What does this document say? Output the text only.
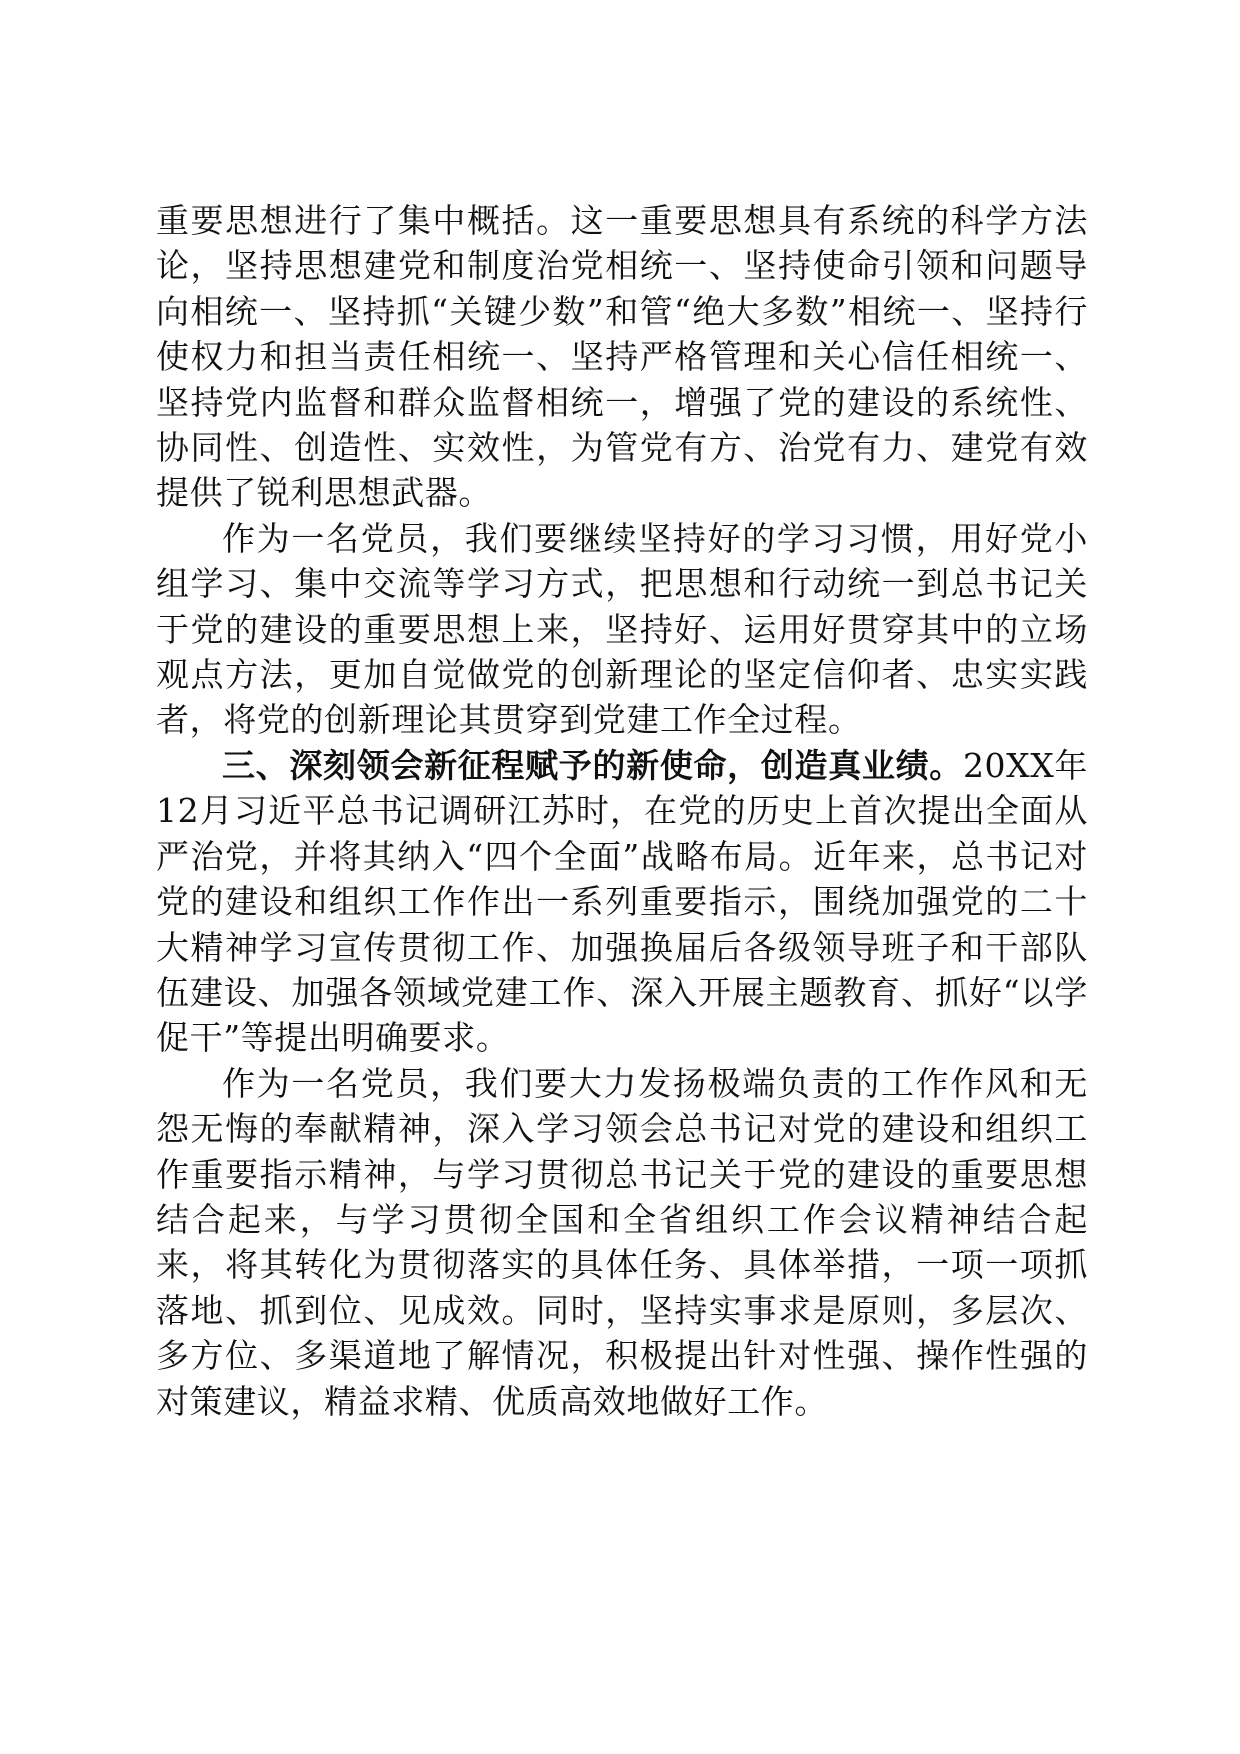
重要思想进行了集中概括。这一重要思想具有系统的科学方法论，坚持思想建党和制度治党相统一、坚持使命引领和问题导向相统一、坚持抓“关键少数”和管“绝大多数”相统一、坚持行使权力和担当责任相统一、坚持严格管理和关心信任相统一、坚持党内监督和群众监督相统一，增强了党的建设的系统性、协同性、创造性、实效性，为管党有方、治党有力、建党有效提供了锐利思想武器。

作为一名党员，我们要继续坚持好的学习习惯，用好党小组学习、集中交流等学习方式，把思想和行动统一到总书记关于党的建设的重要思想上来，坚持好、运用好贯穿其中的立场观点方法，更加自觉做党的创新理论的坚定信仰者、忠实实践者，将党的创新理论其贯穿到党建工作全过程。

三、深刻领会新征程赋予的新使命，创造真业绩。20XX年12月习近平总书记调研江苏时，在党的历史上首次提出全面从严治党，并将其纳入“四个全面”战略布局。近年来，总书记对党的建设和组织工作作出一系列重要指示，围绕加强党的二十大精神学习宣传贯彻工作、加强换届后各级领导班子和干部队伍建设、加强各领域党建工作、深入开展主题教育、抓好“以学促干”等提出明确要求。

作为一名党员，我们要大力发扬极端负责的工作作风和无怨无悔的奉献精神，深入学习领会总书记对党的建设和组织工作重要指示精神，与学习贯彻总书记关于党的建设的重要思想结合起来，与学习贯彻全国和全省组织工作会议精神结合起来，将其转化为贯彻落实的具体任务、具体举措，一项一项抓落地、抓到位、见成效。同时，坚持实事求是原则，多层次、多方位、多渠道地了解情况，积极提出针对性强、操作性强的对策建议，精益求精、优质高效地做好工作。
